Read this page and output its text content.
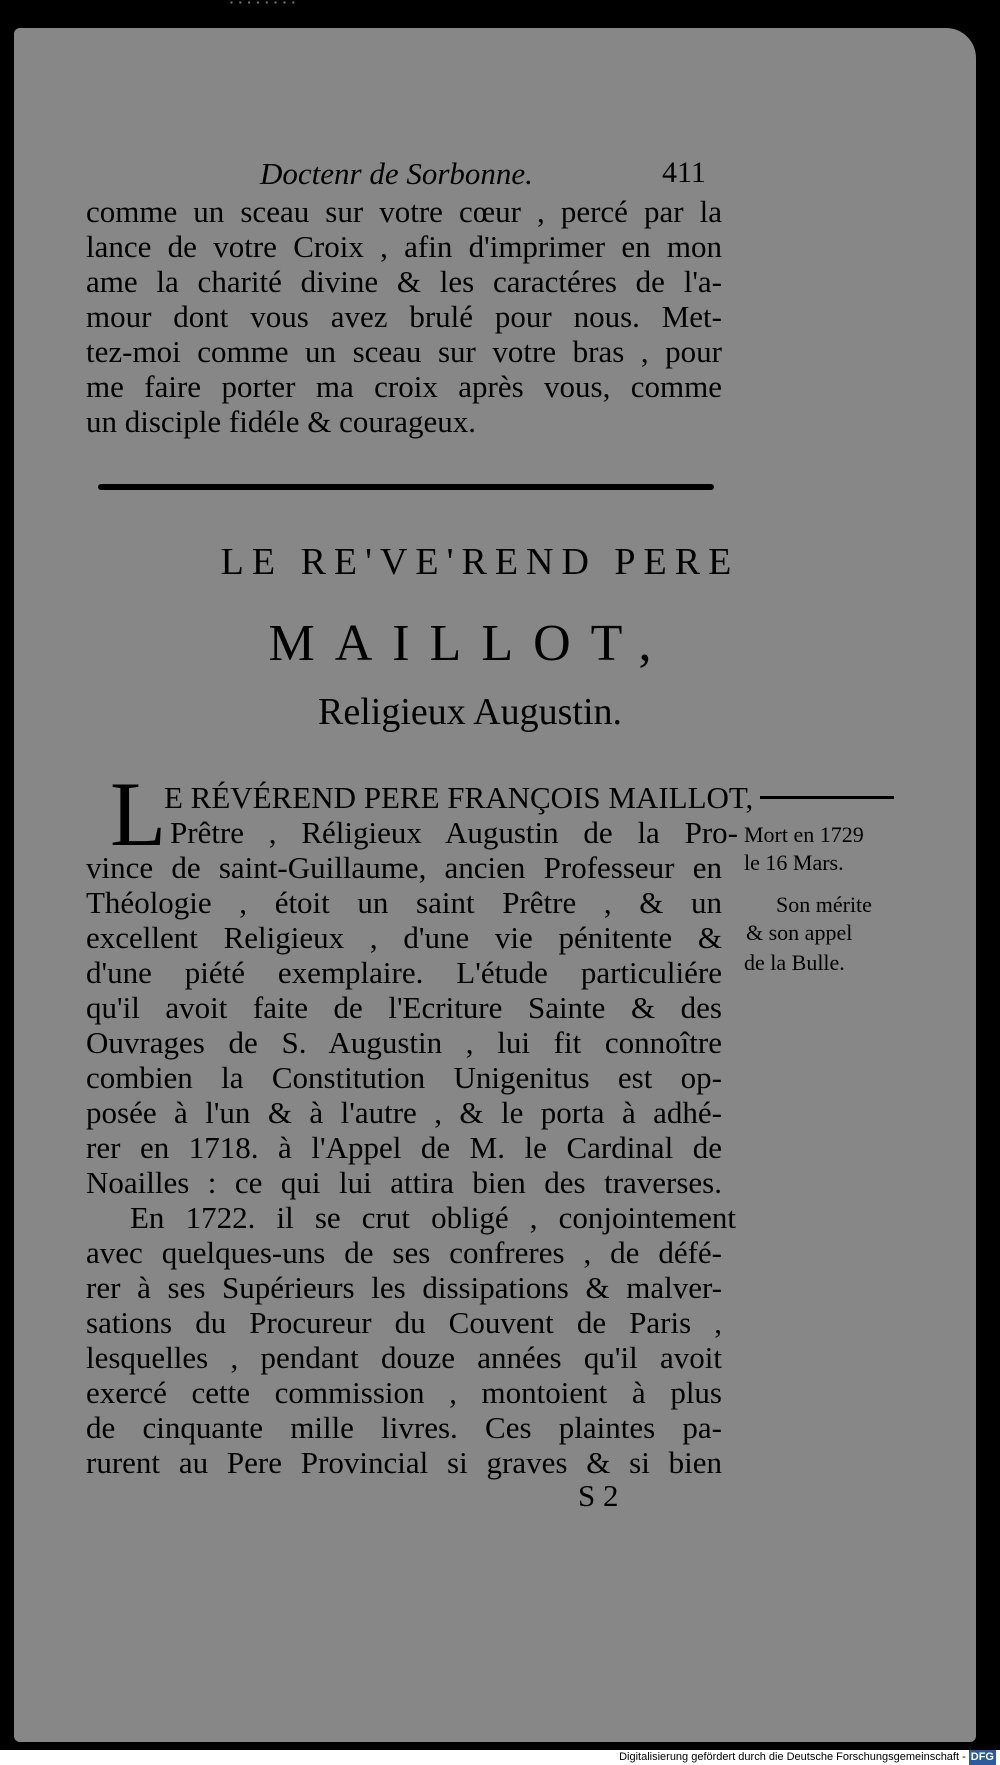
▪ ▪ ▪ ▪ ▪ ▪ ▪ ▪
Doctenr de Sorbonne.	411
comme un sceau sur votre cœur , percé par la
lance de votre Croix , afin d'imprimer en mon
ame la charité divine & les caractéres de l'a-
mour dont vous avez brulé pour nous. Met-
tez-moi comme un sceau sur votre bras , pour
me faire porter ma croix après vous, comme
un disciple fidéle & courageux.
LE RE'VE'REND PERE
MAILLOT,
Religieux Augustin.
L
E RÉVÉREND PERE FRANÇOIS MAILLOT,
Prêtre , Réligieux Augustin de la Pro-
vince de saint-Guillaume, ancien Professeur en
Théologie , étoit un saint Prêtre , & un
excellent Religieux , d'une vie pénitente &
d'une piété exemplaire. L'étude particuliére
qu'il avoit faite de l'Ecriture Sainte & des
Ouvrages de S. Augustin , lui fit connoître
combien la Constitution Unigenitus est op-
posée à l'un & à l'autre , & le porta à adhé-
rer en 1718. à l'Appel de M. le Cardinal de
Noailles : ce qui lui attira bien des traverses.
En 1722. il se crut obligé , conjointement
avec quelques-uns de ses confreres , de défé-
rer à ses Supérieurs les dissipations & malver-
sations du Procureur du Couvent de Paris ,
lesquelles , pendant douze années qu'il avoit
exercé cette commission , montoient à plus
de cinquante mille livres. Ces plaintes pa-
rurent au Pere Provincial si graves & si bien
S 2
Mort en 1729
le 16 Mars.
Son mérite
& son appel
de la Bulle.
Digitalisierung gefördert durch die Deutsche Forschungsgemeinschaft - DFG
